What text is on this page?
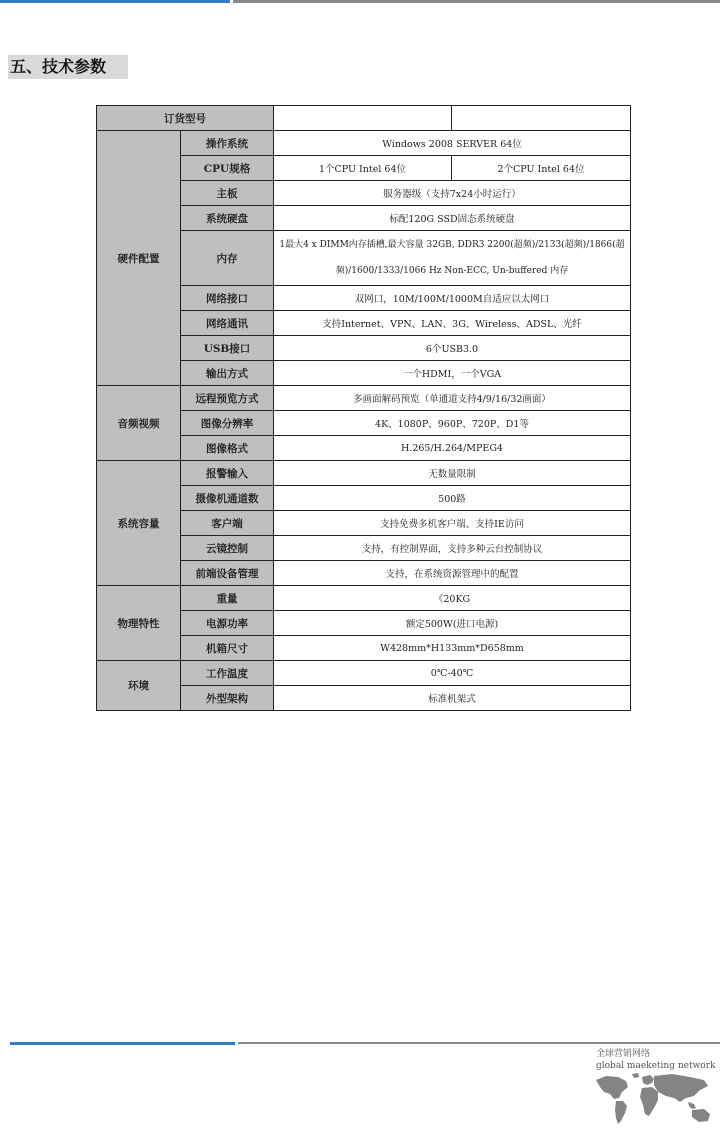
五、技术参数
订货型号			
硬件配置	操作系统	Windows 2008 SERVER 64位	
	CPU规格	1个CPU Intel 64位	2个CPU Intel 64位
	主板	服务器级（支持7x24小时运行）	
	系统硬盘	标配120G SSD固态系统硬盘	
	内存	1最大4 x DIMM内存插槽,最大容量 32GB, DDR3 2200(超频)/2133(超频)/1866(超频)/1600/1333/1066 Hz Non-ECC, Un-buffered 内存	
	网络接口	双网口，10M/100M/1000M自适应以太网口	
	网络通讯	支持Internet、VPN、LAN、3G、Wireless、ADSL、光纤	
	USB接口	6个USB3.0	
	输出方式	一个HDMI，一个VGA	
音频视频	远程预览方式	多画面解码预览（单通道支持4/9/16/32画面）	
	图像分辨率	4K、1080P、960P、720P、D1等	
	图像格式	H.265/H.264/MPEG4	
系统容量	报警输入	无数量限制	
	摄像机通道数	500路	
	客户端	支持免费多机客户端、支持IE访问	
	云镜控制	支持，有控制界面，支持多种云台控制协议	
	前端设备管理	支持，在系统资源管理中的配置	
物理特性	重量	《20KG	
	电源功率	额定500W(进口电源)	
	机箱尺寸	W428mm*H133mm*D658mm	
环境	工作温度	0℃-40℃	
	外型架构	标准机架式	
全球营销网络
global maeketing network
